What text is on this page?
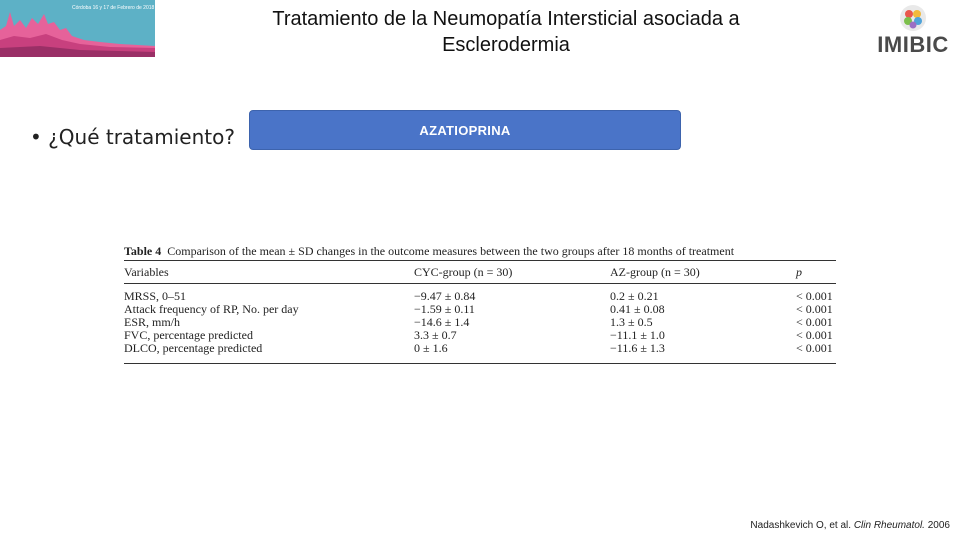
Córdoba 16 y 17 de Febrero de 2018	Tratamiento de la Neumopatía Intersticial asociada a
Esclerodermia	IMIBIC
• ¿Qué tratamiento?	AZATIOPRINA
Table 4 Comparison of the mean ± SD changes in the outcome measures between the two groups after 18 months of treatment
Variables	CYC-group (n = 30)	AZ-group (n = 30)	p
MRSS, 0–51	−9.47 ± 0.84	0.2 ± 0.21	< 0.001
Attack frequency of RP, No. per day	−1.59 ± 0.11	0.41 ± 0.08	< 0.001
ESR, mm/h	−14.6 ± 1.4	1.3 ± 0.5	< 0.001
FVC, percentage predicted	3.3 ± 0.7	−11.1 ± 1.0	< 0.001
DLCO, percentage predicted	0 ± 1.6	−11.6 ± 1.3	< 0.001
Nadashkevich O, et al. Clin Rheumatol. 2006
